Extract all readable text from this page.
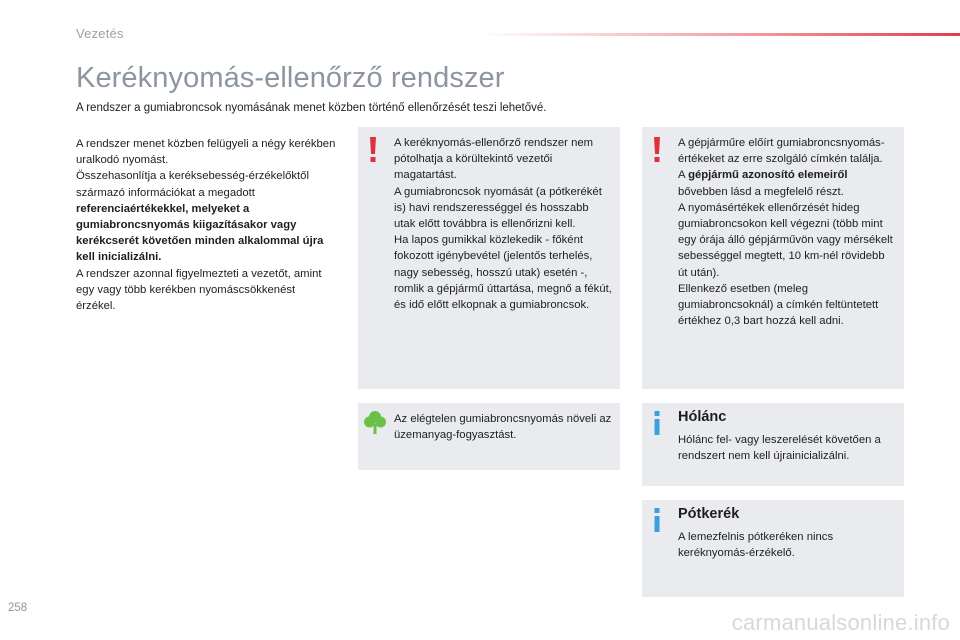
Vezetés
Keréknyomás-ellenőrző rendszer

A rendszer a gumiabroncsok nyomásának menet közben történő ellenőrzését teszi lehetővé.

A rendszer menet közben felügyeli a négy kerékben uralkodó nyomást.
Összehasonlítja a keréksebesség-érzékelőktől származó információkat a megadott referenciaértékekkel, melyeket a gumiabroncsnyomás kiigazításakor vagy kerékcserét követően minden alkalommal újra kell inicializálni.
A rendszer azonnal figyelmezteti a vezetőt, amint egy vagy több kerékben nyomáscsökkenést érzékel.
A keréknyomás-ellenőrző rendszer nem pótolhatja a körültekintő vezetői magatartást.
A gumiabroncsok nyomását (a pótkerékét is) havi rendszerességgel és hosszabb utak előtt továbbra is ellenőrizni kell.
Ha lapos gumikkal közlekedik - főként fokozott igénybevétel (jelentős terhelés, nagy sebesség, hosszú utak) esetén -, romlik a gépjármű úttartása, megnő a fékút, és idő előtt elkopnak a gumiabroncsok.
A gépjárműre előírt gumiabroncsnyomás-értékeket az erre szolgáló címkén találja.
A gépjármű azonosító elemeiről bővebben lásd a megfelelő részt.
A nyomásértékek ellenőrzését hideg gumiabroncsokon kell végezni (több mint egy órája álló gépjárművön vagy mérsékelt sebességgel megtett, 10 km-nél rövidebb út után).
Ellenkező esetben (meleg gumiabroncsoknál) a címkén feltüntetett értékhez 0,3 bart hozzá kell adni.
Az elégtelen gumiabroncsnyomás növeli az üzemanyag-fogyasztást.
Hólánc
Hólánc fel- vagy leszerelését követően a rendszert nem kell újrainicializálni.
Pótkerék
A lemezfelnis pótkeréken nincs keréknyomás-érzékelő.
258
carmanualsonline.info
